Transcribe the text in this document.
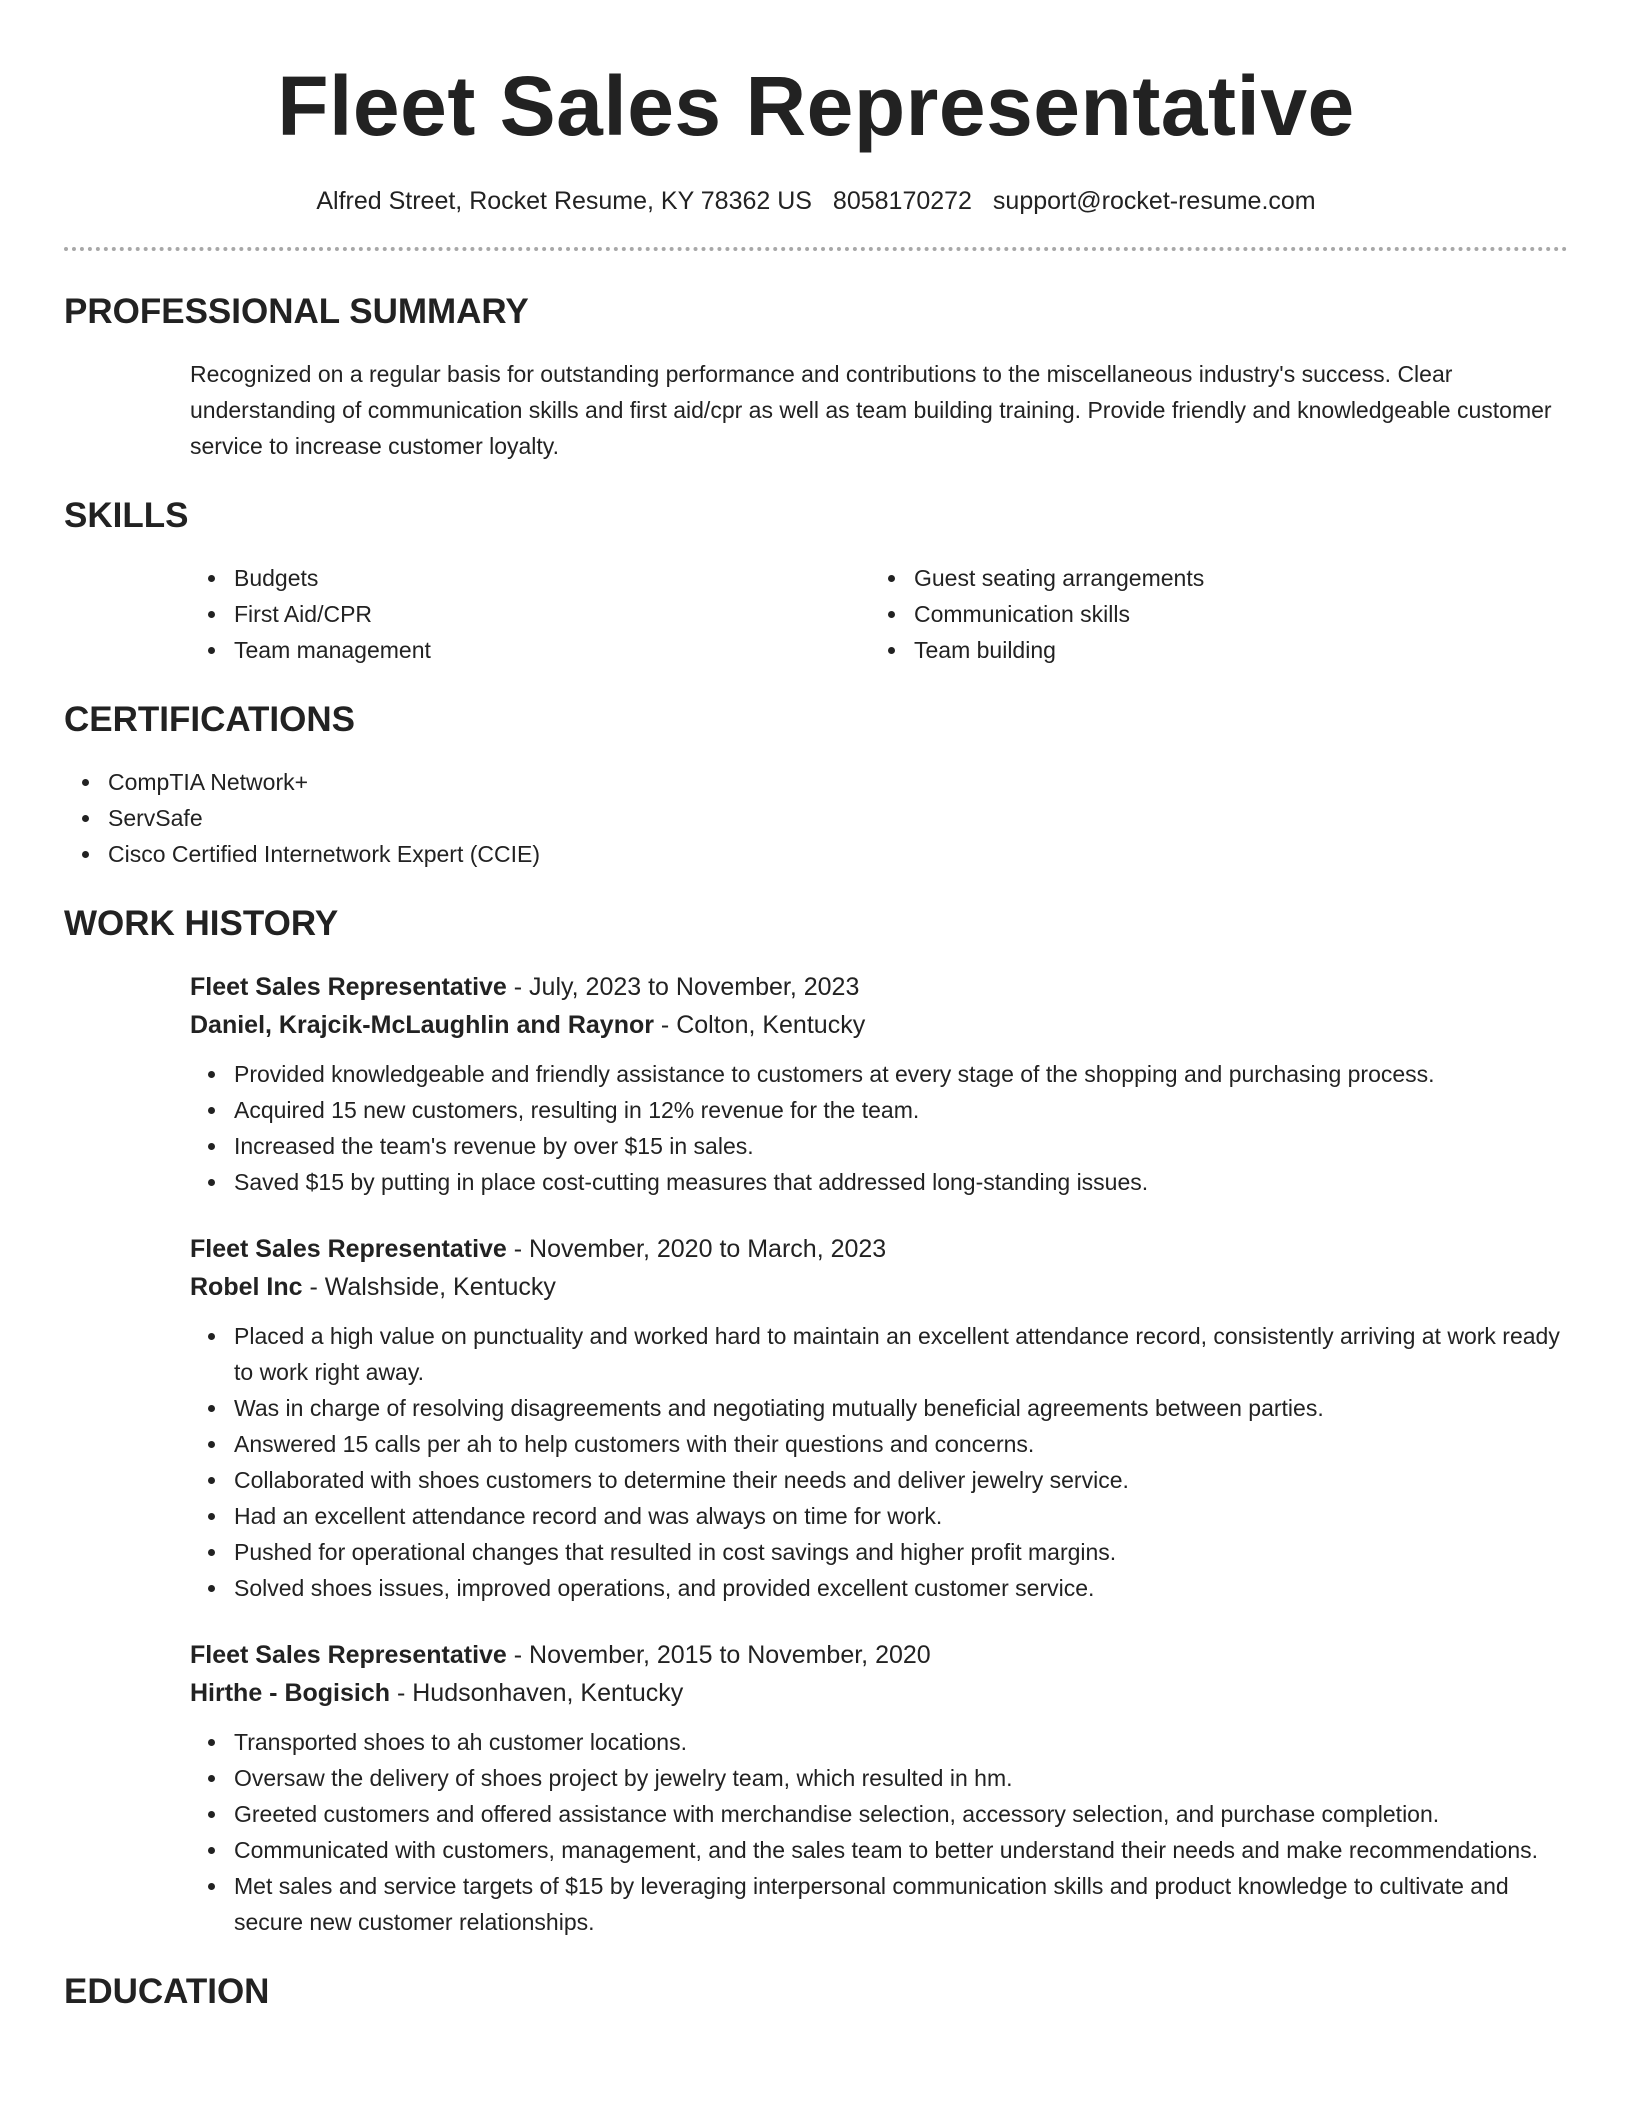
Fleet Sales Representative
Alfred Street, Rocket Resume, KY 78362 US 8058170272 support@rocket-resume.com
PROFESSIONAL SUMMARY
Recognized on a regular basis for outstanding performance and contributions to the miscellaneous industry's success. Clear understanding of communication skills and first aid/cpr as well as team building training. Provide friendly and knowledgeable customer service to increase customer loyalty.
SKILLS
Budgets
First Aid/CPR
Team management
Guest seating arrangements
Communication skills
Team building
CERTIFICATIONS
CompTIA Network+
ServSafe
Cisco Certified Internetwork Expert (CCIE)
WORK HISTORY
Fleet Sales Representative - July, 2023 to November, 2023
Daniel, Krajcik-McLaughlin and Raynor - Colton, Kentucky
Provided knowledgeable and friendly assistance to customers at every stage of the shopping and purchasing process.
Acquired 15 new customers, resulting in 12% revenue for the team.
Increased the team's revenue by over $15 in sales.
Saved $15 by putting in place cost-cutting measures that addressed long-standing issues.
Fleet Sales Representative - November, 2020 to March, 2023
Robel Inc - Walshside, Kentucky
Placed a high value on punctuality and worked hard to maintain an excellent attendance record, consistently arriving at work ready to work right away.
Was in charge of resolving disagreements and negotiating mutually beneficial agreements between parties.
Answered 15 calls per ah to help customers with their questions and concerns.
Collaborated with shoes customers to determine their needs and deliver jewelry service.
Had an excellent attendance record and was always on time for work.
Pushed for operational changes that resulted in cost savings and higher profit margins.
Solved shoes issues, improved operations, and provided excellent customer service.
Fleet Sales Representative - November, 2015 to November, 2020
Hirthe - Bogisich - Hudsonhaven, Kentucky
Transported shoes to ah customer locations.
Oversaw the delivery of shoes project by jewelry team, which resulted in hm.
Greeted customers and offered assistance with merchandise selection, accessory selection, and purchase completion.
Communicated with customers, management, and the sales team to better understand their needs and make recommendations.
Met sales and service targets of $15 by leveraging interpersonal communication skills and product knowledge to cultivate and secure new customer relationships.
EDUCATION
